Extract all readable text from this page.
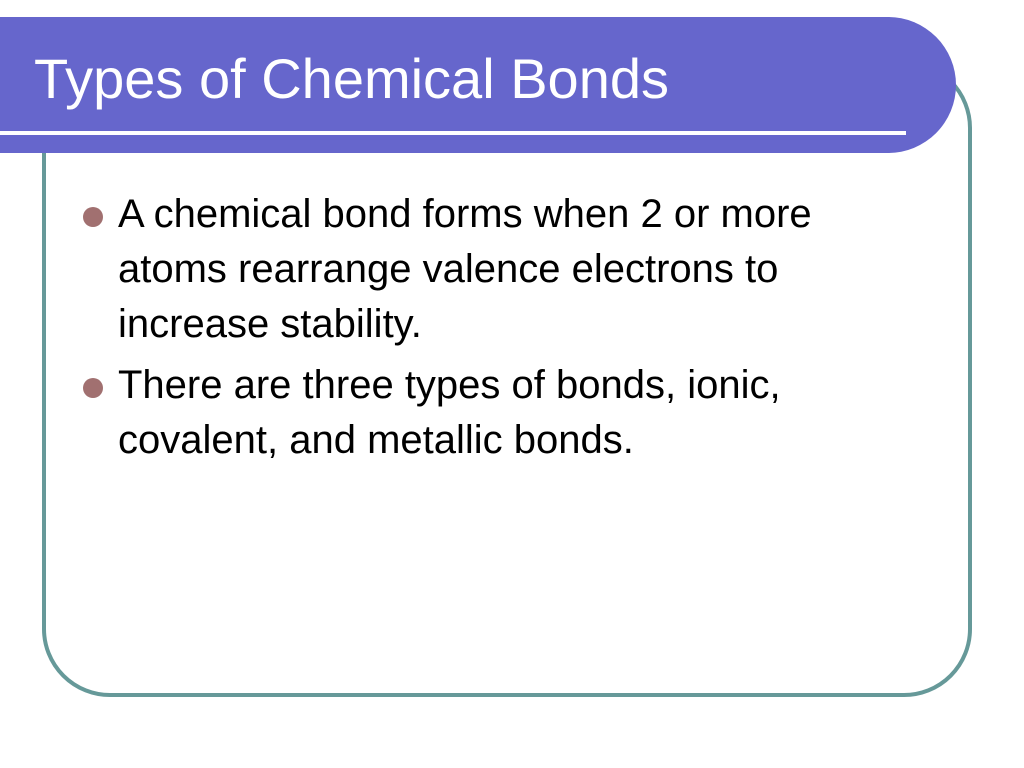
Types of Chemical Bonds
A chemical bond forms when 2 or more atoms rearrange valence electrons to increase stability.
There are three types of bonds, ionic, covalent, and metallic bonds.
